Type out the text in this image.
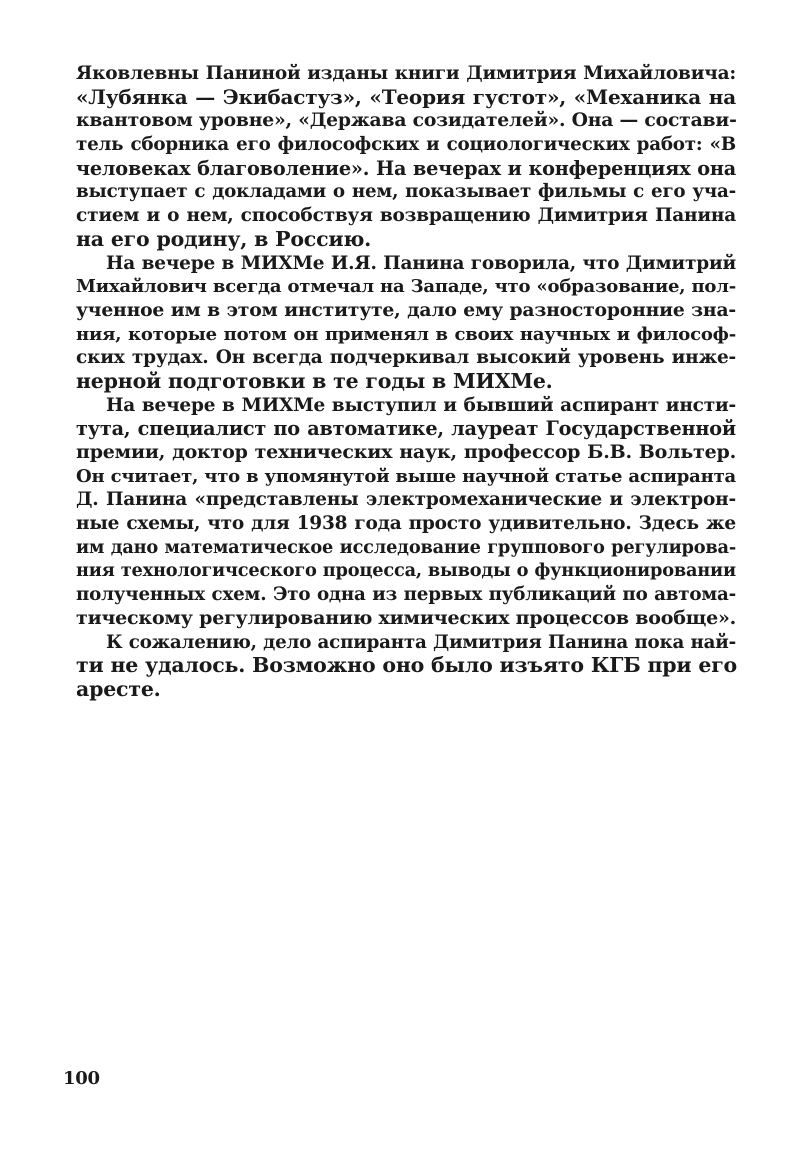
Яковлевны Паниной изданы книги Димитрия Михайловича:
«Лубянка — Экибастуз», «Теория густот», «Механика на
квантовом уровне», «Держава созидателей». Она — состави-
тель сборника его философских и социологических работ: «В
человеках благоволение». На вечерах и конференциях она
выступает с докладами о нем, показывает фильмы с его уча-
стием и о нем, способствуя возвращению Димитрия Панина
на его родину, в Россию.
На вечере в МИХМе И.Я. Панина говорила, что Димитрий
Михайлович всегда отмечал на Западе, что «образование, пол-
ученное им в этом институте, дало ему разносторонние зна-
ния, которые потом он применял в своих научных и философ-
ских трудах. Он всегда подчеркивал высокий уровень инже-
нерной подготовки в те годы в МИХМе.
На вечере в МИХМе выступил и бывший аспирант инсти-
тута, специалист по автоматике, лауреат Государственной
премии, доктор технических наук, профессор Б.В. Вольтер.
Он считает, что в упомянутой выше научной статье аспиранта
Д. Панина «представлены электромеханические и электрон-
ные схемы, что для 1938 года просто удивительно. Здесь же
им дано математическое исследование группового регулирова-
ния технологичсеского процесса, выводы о функционировании
полученных схем. Это одна из первых публикаций по автома-
тическому регулированию химических процессов вообще».
К сожалению, дело аспиранта Димитрия Панина пока най-
ти не удалось. Возможно оно было изъято КГБ при его
аресте.
100
